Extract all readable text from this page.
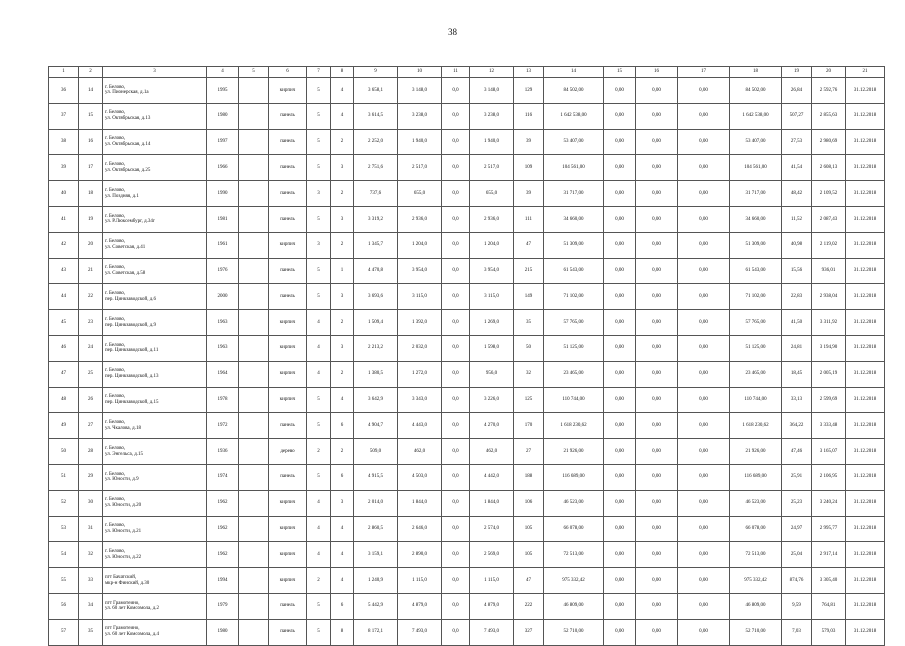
38
1	2	3	4	5	6	7	8	9	10	11	12	13	14	15	16	17	18	19	20	21
36	14	г. Белово,
ул. Пионерская, д.1а	1995		кирпич	5	4	3 658,1	3 148,0	0,0	3 148,0	129	84 502,00	0,00	0,00	0,00	84 502,00	26,84	2 592,76	31.12.2018
37	15	г. Белово,
ул. Октябрьская, д.13	1980		панель	5	4	3 614,5	3 238,0	0,0	3 238,0	116	1 642 538,00	0,00	0,00	0,00	1 642 538,00	507,27	2 855,63	31.12.2018
38	16	г. Белово,
ул. Октябрьская, д.14	1997		панель	5	2	2 252,0	1 940,0	0,0	1 940,0	39	53 407,00	0,00	0,00	0,00	53 407,00	27,53	2 980,69	31.12.2018
39	17	г. Белово,
ул. Октябрьская, д.25	1966		панель	5	3	2 751,6	2 517,0	0,0	2 517,0	109	104 561,00	0,00	0,00	0,00	104 561,00	41,54	2 608,13	31.12.2018
40	18	г. Белово,
ул. Поздняя, д.1	1990		панель	3	2	737,6	655,0	0,0	655,0	39	31 717,00	0,00	0,00	0,00	31 717,00	48,42	2 109,52	31.12.2018
41	19	г. Белово,
ул. Р.Люксембург, д.34г	1981		панель	5	3	3 319,2	2 936,0	0,0	2 936,0	111	34 660,00	0,00	0,00	0,00	34 660,00	11,52	2 087,43	31.12.2018
42	20	г. Белово,
ул. Советская, д.41	1961		кирпич	3	2	1 345,7	1 204,0	0,0	1 204,0	47	51 309,00	0,00	0,00	0,00	51 309,00	40,98	2 119,02	31.12.2018
43	21	г. Белово,
ул. Советская, д.58	1976		панель	5	1	4 470,8	3 954,0	0,0	3 954,0	215	61 543,00	0,00	0,00	0,00	61 543,00	15,56	936,01	31.12.2018
44	22	г. Белово,
пер. Цинкзаводской, д.6	2000		панель	5	3	3 693,6	3 115,0	0,0	3 115,0	149	71 102,00	0,00	0,00	0,00	71 102,00	22,83	2 938,04	31.12.2018
45	23	г. Белово,
пер. Цинкзаводской, д.9	1963		кирпич	4	2	1 509,4	1 392,0	0,0	1 269,0	35	57 765,00	0,00	0,00	0,00	57 765,00	41,50	3 311,92	31.12.2018
46	24	г. Белово,
пер. Цинкзаводской, д.11	1963		кирпич	4	3	2 213,2	2 032,0	0,0	1 598,0	50	51 125,00	0,00	0,00	0,00	51 125,00	24,81	3 194,90	31.12.2018
47	25	г. Белово,
пер. Цинкзаводской, д.13	1964		кирпич	4	2	1 380,5	1 272,0	0,0	956,0	32	23 465,00	0,00	0,00	0,00	23 465,00	18,45	2 005,19	31.12.2018
48	26	г. Белово,
пер. Цинкзаводской, д.15	1978		кирпич	5	4	3 642,9	3 343,0	0,0	3 226,0	125	110 744,00	0,00	0,00	0,00	110 744,00	33,13	2 599,69	31.12.2018
49	27	г. Белово,
ул. Чкалова, д.18	1972		панель	5	6	4 904,7	4 443,0	0,0	4 270,0	170	1 618 230,62	0,00	0,00	0,00	1 618 230,62	364,22	3 333,48	31.12.2018
50	28	г. Белово,
ул. Энгельса, д.15	1936		дерево	2	2	509,0	462,0	0,0	462,0	27	21 926,00	0,00	0,00	0,00	21 926,00	47,46	3 165,07	31.12.2018
51	29	г. Белово,
ул. Юности, д.9	1974		панель	5	6	4 915,5	4 503,0	0,0	4 442,0	188	116 689,00	0,00	0,00	0,00	116 689,00	25,91	2 106,95	31.12.2018
52	30	г. Белово,
ул. Юности, д.20	1962		кирпич	4	3	2 014,0	1 844,0	0,0	1 844,0	106	46 523,00	0,00	0,00	0,00	46 523,00	25,23	3 240,24	31.12.2018
53	31	г. Белово,
ул. Юности, д.21	1962		кирпич	4	4	2 860,5	2 646,0	0,0	2 574,0	105	66 078,00	0,00	0,00	0,00	66 078,00	24,97	2 995,77	31.12.2018
54	32	г. Белово,
ул. Юности, д.22	1962		кирпич	4	4	3 159,1	2 890,0	0,0	2 569,0	105	72 513,00	0,00	0,00	0,00	72 513,00	25,04	2 917,14	31.12.2018
55	33	пгт Бачатский,
мкр-н Финский, д.30	1994		кирпич	2	4	1 240,9	1 115,0	0,0	1 115,0	47	975 332,42	0,00	0,00	0,00	975 332,42	874,76	3 305,40	31.12.2018
56	34	пгт Грамотеино,
ул. 60 лет Комсомола, д.2	1979		панель	5	6	5 442,9	4 879,0	0,0	4 879,0	222	46 809,00	0,00	0,00	0,00	46 809,00	9,59	764,81	31.12.2018
57	35	пгт Грамотеино,
ул. 60 лет Комсомола, д.4	1980		панель	5	8	8 172,1	7 493,0	0,0	7 493,0	327	52 710,00	0,00	0,00	0,00	52 710,00	7,03	579,03	31.12.2018
